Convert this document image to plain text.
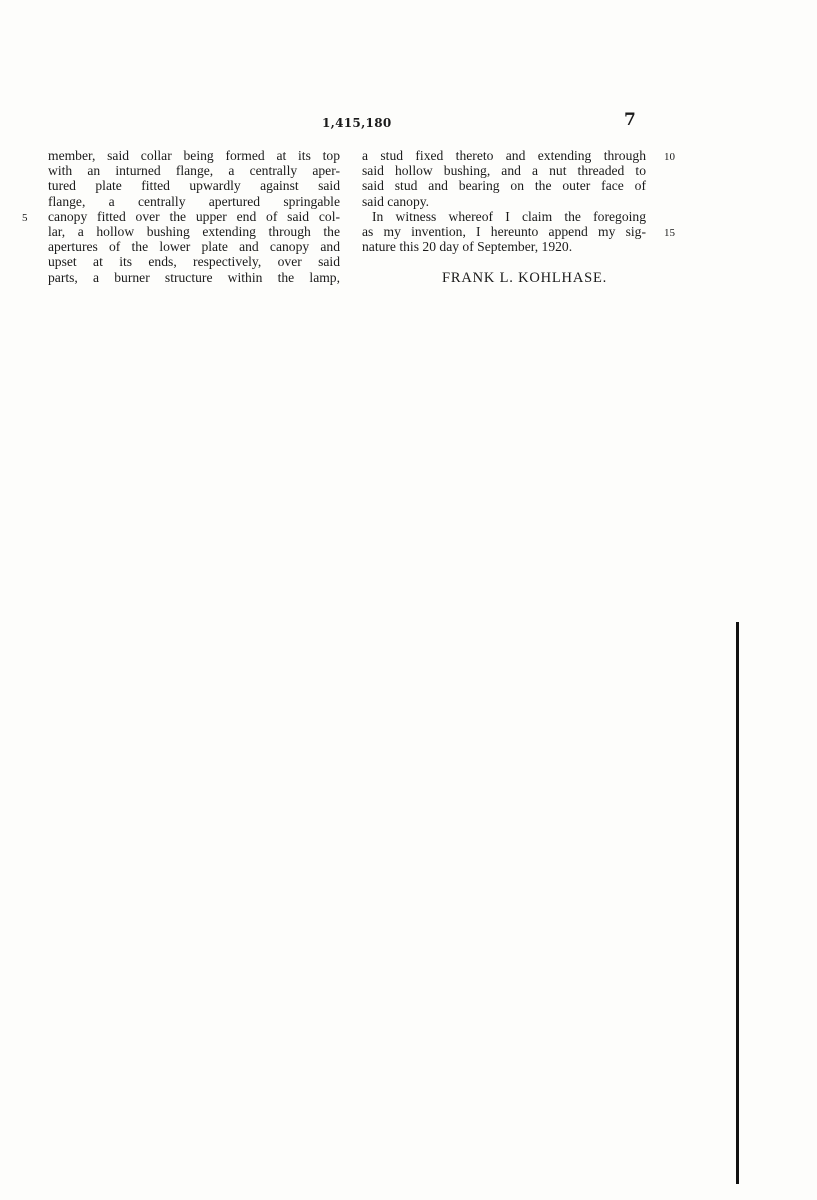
1,415,180	7
member, said collar being formed at its top
with an inturned flange, a centrally aper-
tured plate fitted upwardly against said
flange, a centrally apertured springable
canopy fitted over the upper end of said col-
lar, a hollow bushing extending through the
apertures of the lower plate and canopy and
upset at its ends, respectively, over said
parts, a burner structure within the lamp,
a stud fixed thereto and extending through
said hollow bushing, and a nut threaded to
said stud and bearing on the outer face of
said canopy.
In witness whereof I claim the foregoing
as my invention, I hereunto append my sig-
nature this 20 day of September, 1920.
5
10
15
FRANK L. KOHLHASE.
